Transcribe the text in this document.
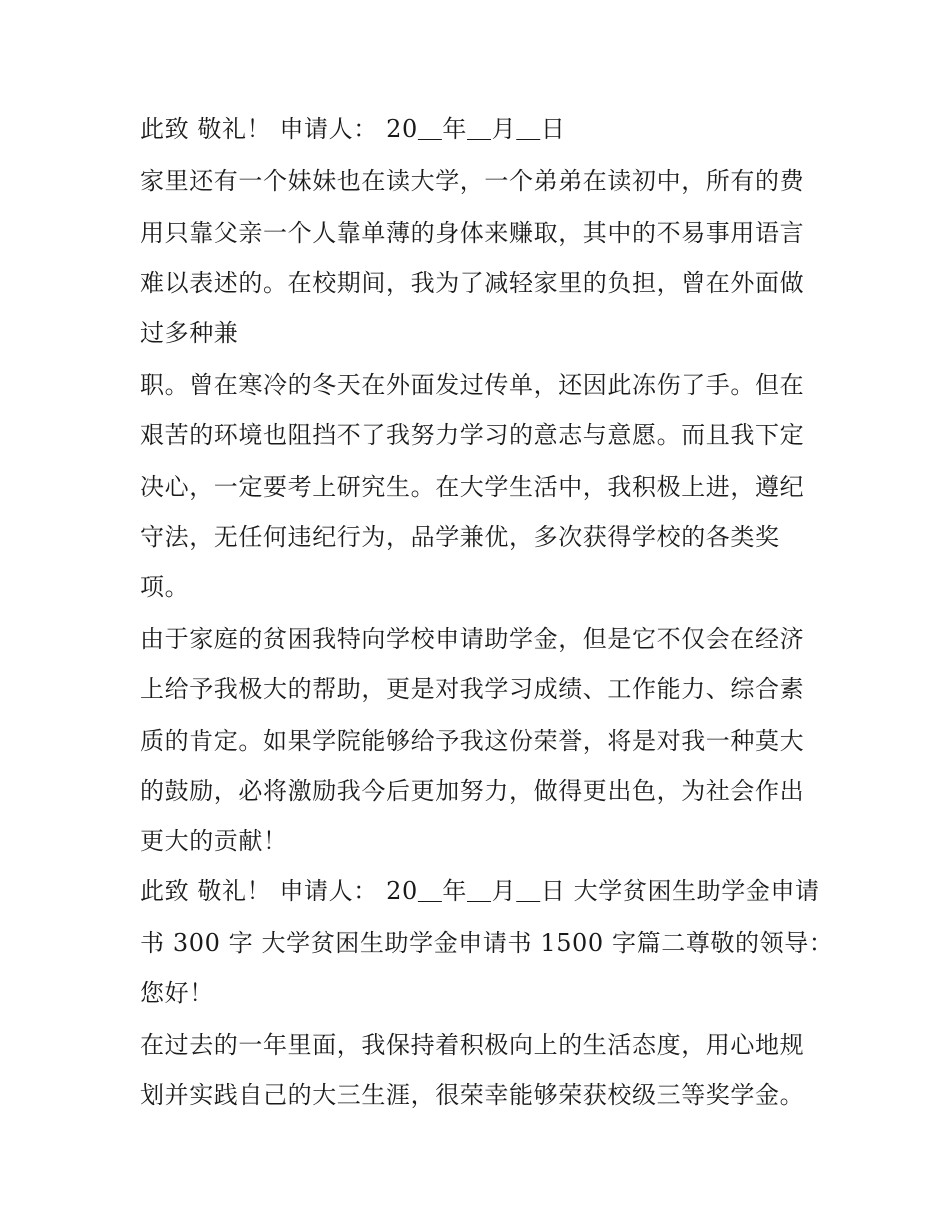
此致 敬礼！ 申请人： 20＿年＿月＿日
家里还有一个妹妹也在读大学，一个弟弟在读初中，所有的费
用只靠父亲一个人靠单薄的身体来赚取，其中的不易事用语言
难以表述的。在校期间，我为了减轻家里的负担，曾在外面做
过多种兼
职。曾在寒冷的冬天在外面发过传单，还因此冻伤了手。但在
艰苦的环境也阻挡不了我努力学习的意志与意愿。而且我下定
决心，一定要考上研究生。在大学生活中，我积极上进，遵纪
守法，无任何违纪行为，品学兼优，多次获得学校的各类奖
项。
由于家庭的贫困我特向学校申请助学金，但是它不仅会在经济
上给予我极大的帮助，更是对我学习成绩、工作能力、综合素
质的肯定。如果学院能够给予我这份荣誉，将是对我一种莫大
的鼓励，必将激励我今后更加努力，做得更出色，为社会作出
更大的贡献！
此致 敬礼！ 申请人： 20＿年＿月＿日 大学贫困生助学金申请
书 300 字 大学贫困生助学金申请书 1500 字篇二尊敬的领导：
您好！
在过去的一年里面，我保持着积极向上的生活态度，用心地规
划并实践自己的大三生涯，很荣幸能够荣获校级三等奖学金。
